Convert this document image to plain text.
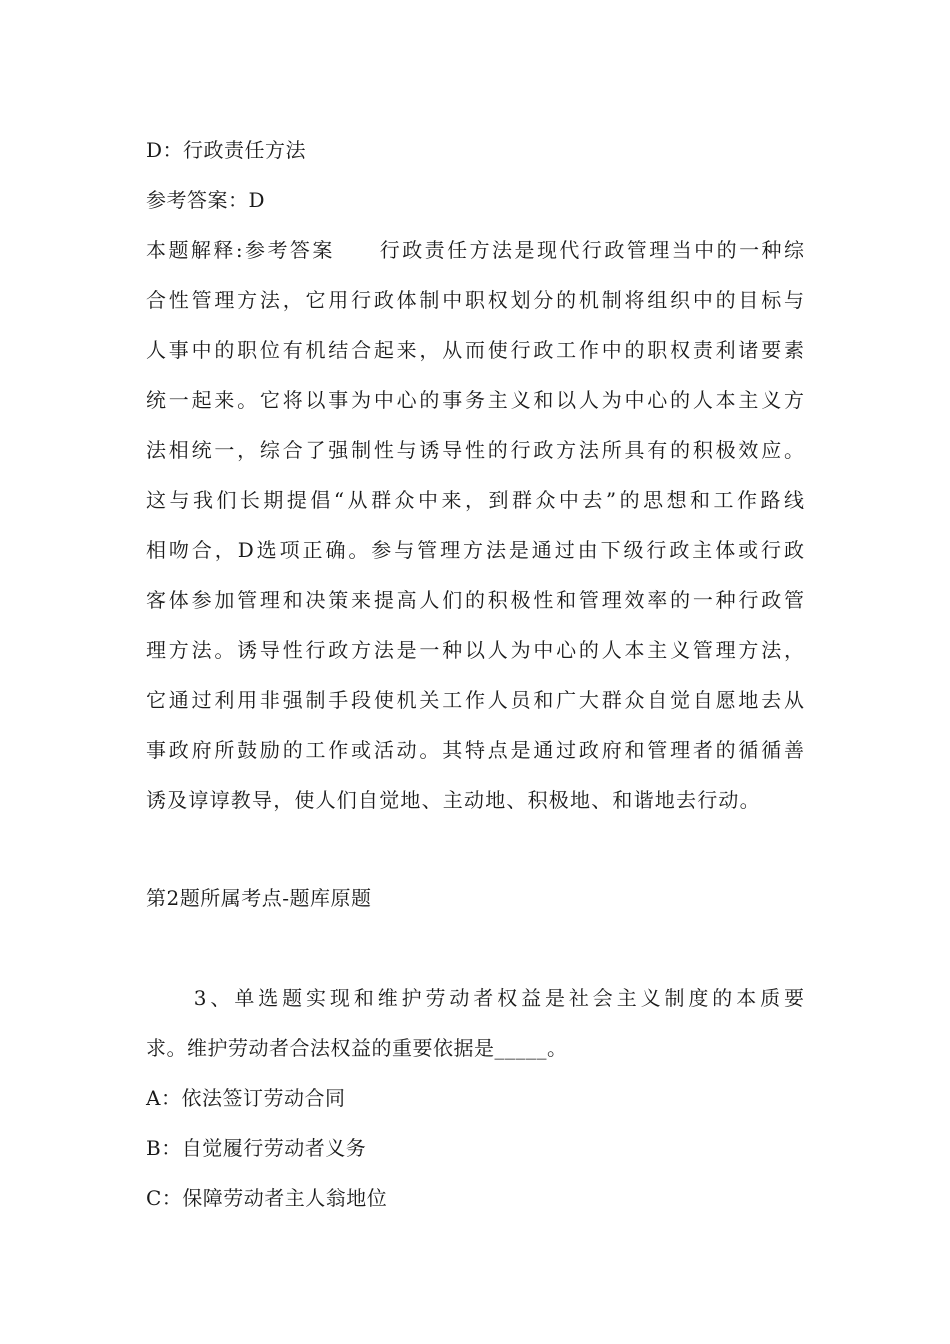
D：行政责任方法
参考答案：D
本题解释:参考答案　　行政责任方法是现代行政管理当中的一种综
合性管理方法，它用行政体制中职权划分的机制将组织中的目标与
人事中的职位有机结合起来，从而使行政工作中的职权责利诸要素
统一起来。它将以事为中心的事务主义和以人为中心的人本主义方
法相统一，综合了强制性与诱导性的行政方法所具有的积极效应。
这与我们长期提倡“从群众中来，到群众中去”的思想和工作路线
相吻合，D选项正确。参与管理方法是通过由下级行政主体或行政
客体参加管理和决策来提高人们的积极性和管理效率的一种行政管
理方法。诱导性行政方法是一种以人为中心的人本主义管理方法，
它通过利用非强制手段使机关工作人员和广大群众自觉自愿地去从
事政府所鼓励的工作或活动。其特点是通过政府和管理者的循循善
诱及谆谆教导，使人们自觉地、主动地、积极地、和谐地去行动。
第2题所属考点-题库原题
　　3、单选题实现和维护劳动者权益是社会主义制度的本质要
求。维护劳动者合法权益的重要依据是_____。
A：依法签订劳动合同
B：自觉履行劳动者义务
C：保障劳动者主人翁地位
